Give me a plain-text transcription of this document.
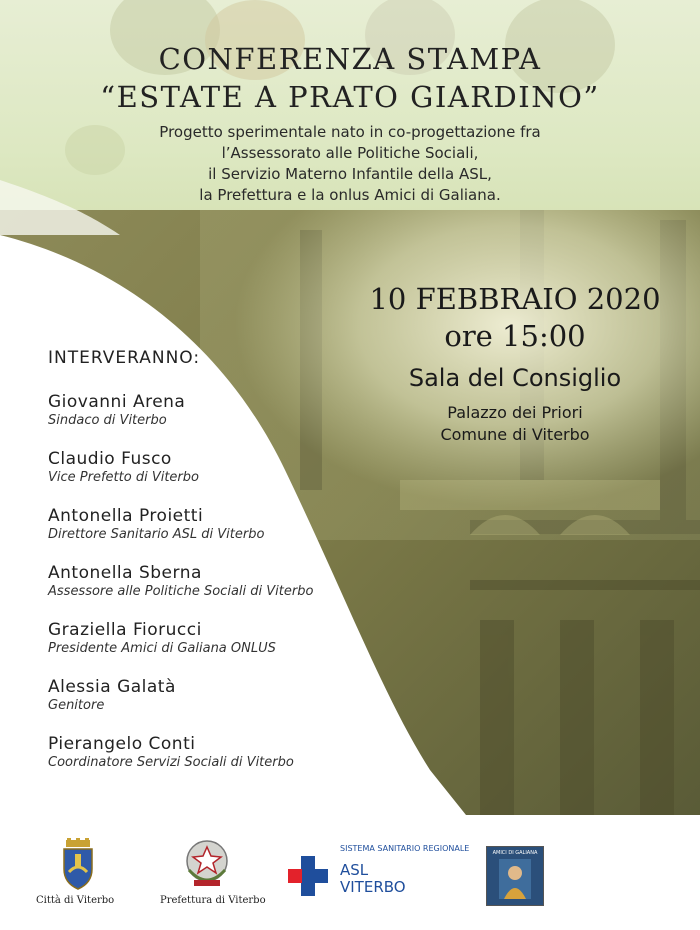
CONFERENZA STAMPA
“ESTATE A PRATO GIARDINO”
Progetto sperimentale nato in co-progettazione fra
l’Assessorato alle Politiche Sociali,
il Servizio Materno Infantile della ASL,
la Prefettura e la onlus Amici di Galiana.
10 FEBBRAIO 2020
ore 15:00
Sala del Consiglio
Palazzo dei Priori
Comune di Viterbo
INTERVERANNO:
Giovanni Arena
Sindaco di Viterbo
Claudio Fusco
Vice Prefetto di Viterbo
Antonella Proietti
Direttore Sanitario ASL di Viterbo
Antonella Sberna
Assessore alle Politiche Sociali di Viterbo
Graziella Fiorucci
Presidente Amici di Galiana ONLUS
Alessia Galatà
Genitore
Pierangelo Conti
Coordinatore Servizi Sociali di Viterbo
Città di Viterbo	Prefettura di Viterbo
SISTEMA SANITARIO REGIONALE
ASL
VITERBO
AMICI DI GALIANA
